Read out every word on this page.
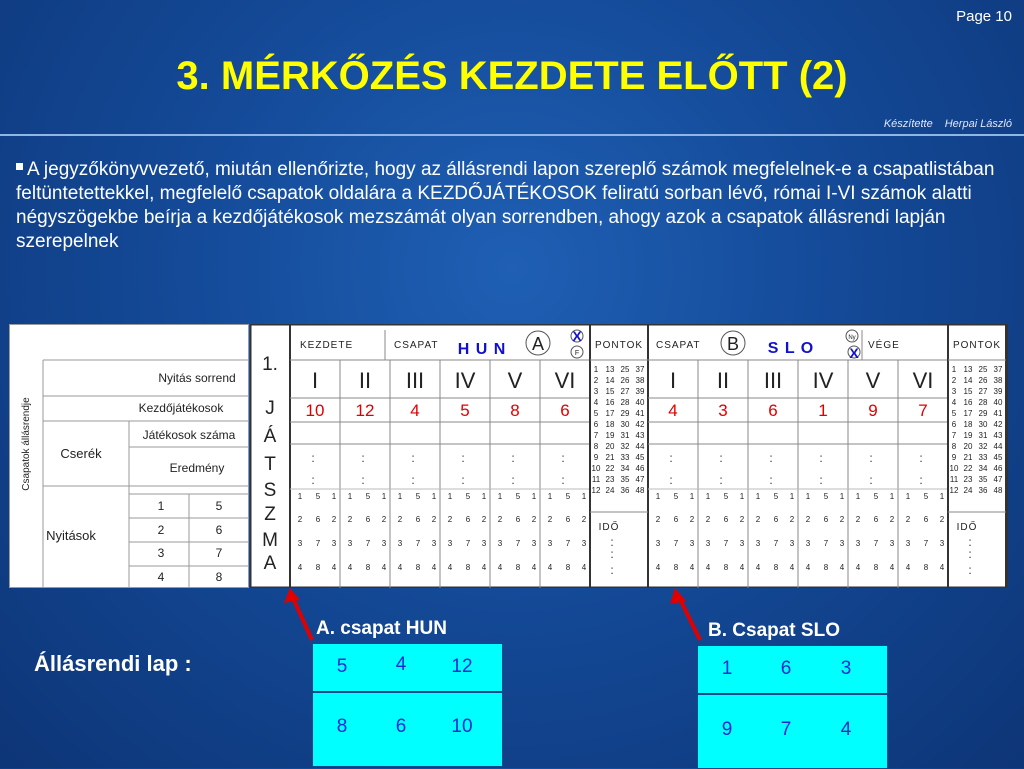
Page 10
3. MÉRKŐZÉS KEZDETE ELŐTT (2)
Készítette Herpai László
A jegyzőkönyvvezető, miután ellenőrizte, hogy az állásrendi lapon szereplő számok megfelelnek-e a csapatlistában feltüntetettekkel, megfelelő csapatok oldalára a KEZDŐJÁTÉKOSOK feliratú sorban lévő, római I-VI számok alatti négyszögekbe beírja a kezdőjátékosok mezszámát olyan sorrendben, ahogy azok a csapatok állásrendi lapján szerepelnek
Csapatok állásrendje
Nyitás sorrend
Kezdőjátékosok
Játékosok száma
Eredmény
Cserék
Nyitások
1	5
2	6
3	7
4	8
1.
J
Á
T
S
Z
M
A
KEZDETE	CSAPAT H U N A X
F
I
10
:
:
1 5 1
2 6 2
3 7 3
4 8 4
II
12
:
:
1 5 1
2 6 2
3 7 3
4 8 4
III
4
:
:
1 5 1
2 6 2
3 7 3
4 8 4
IV
5
:
:
1 5 1
2 6 2
3 7 3
4 8 4
V
8
:
:
1 5 1
2 6 2
3 7 3
4 8 4
VI
6
:
:
1 5 1
2 6 2
3 7 3
4 8 4
PONTOK
1 13 25 37
2 14 26 38
3 15 27 39
4 16 28 40
5 17 29 41
6 18 30 42
7 19 31 43
8 20 32 44
9 21 33 45
10 22 34 46
11 23 35 47
12 24 36 48
IDŐ
:
:
:
CSAPAT B S L O
Ny
X VÉGE
I
4
:
:
1 5 1
2 6 2
3 7 3
4 8 4
II
3
:
:
1 5 1
2 6 2
3 7 3
4 8 4
III
6
:
:
1 5 1
2 6 2
3 7 3
4 8 4
IV
1
:
:
1 5 1
2 6 2
3 7 3
4 8 4
V
9
:
:
1 5 1
2 6 2
3 7 3
4 8 4
VI
7
:
:
1 5 1
2 6 2
3 7 3
4 8 4
PONTOK
1 13 25 37
2 14 26 38
3 15 27 39
4 16 28 40
5 17 29 41
6 18 30 42
7 19 31 43
8 20 32 44
9 21 33 45
10 22 34 46
11 23 35 47
12 24 36 48
IDŐ
:
:
:
A. csapat HUN	B. Csapat SLO
Állásrendi lap :	5	4	12
8	6	10
1	6	3
9	7	4
